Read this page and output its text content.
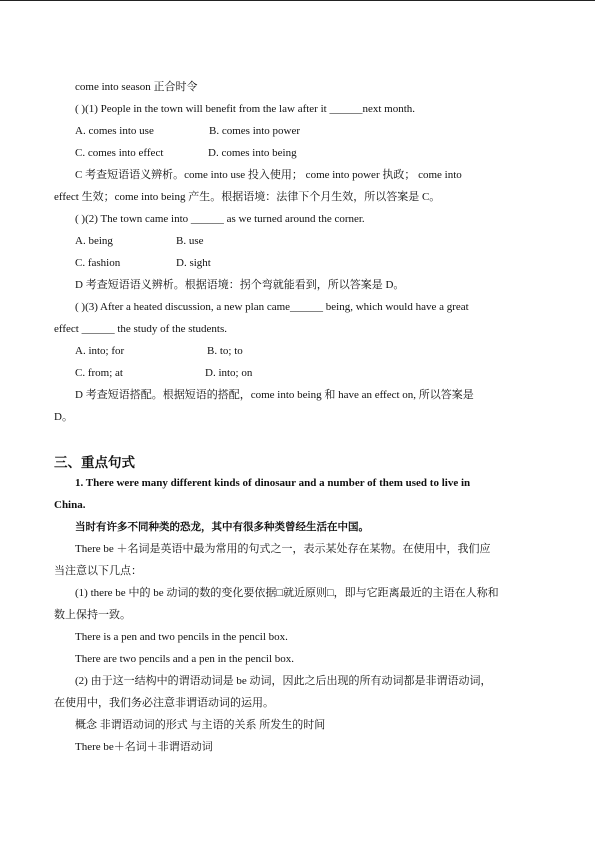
come into season 正合时令
( )(1) People in the town will benefit from the law after it ______next month.
A. comes into use	B. comes into power
C. comes into effect	D. comes into being
C 考查短语语义辨析。come into use 投入使用； come into power 执政； come into
effect 生效；come into being 产生。根据语境：法律下个月生效，所以答案是 C。
( )(2) The town came into ______ as we turned around the corner.
A. being	B. use
C. fashion	D. sight
D 考查短语语义辨析。根据语境：拐个弯就能看到，所以答案是 D。
( )(3) After a heated discussion, a new plan came______ being, which would have a great
effect ______ the study of the students.
A. into; for	B. to; to
C. from; at	D. into; on
D 考查短语搭配。根据短语的搭配，come into being 和 have an effect on, 所以答案是
D。
三、重点句式
1. There were many different kinds of dinosaur and a number of them used to live in
China.
当时有许多不同种类的恐龙，其中有很多种类曾经生活在中国。
There be ＋名词是英语中最为常用的句式之一，表示某处存在某物。在使用中，我们应
当注意以下几点：
(1) there be 中的 be 动词的数的变化要依据□就近原则□，即与它距离最近的主语在人称和
数上保持一致。
There is a pen and two pencils in the pencil box.
There are two pencils and a pen in the pencil box.
(2) 由于这一结构中的谓语动词是 be 动词，因此之后出现的所有动词都是非谓语动词，
在使用中，我们务必注意非谓语动词的运用。
概念 非谓语动词的形式 与主语的关系 所发生的时间
There be＋名词＋非谓语动词
